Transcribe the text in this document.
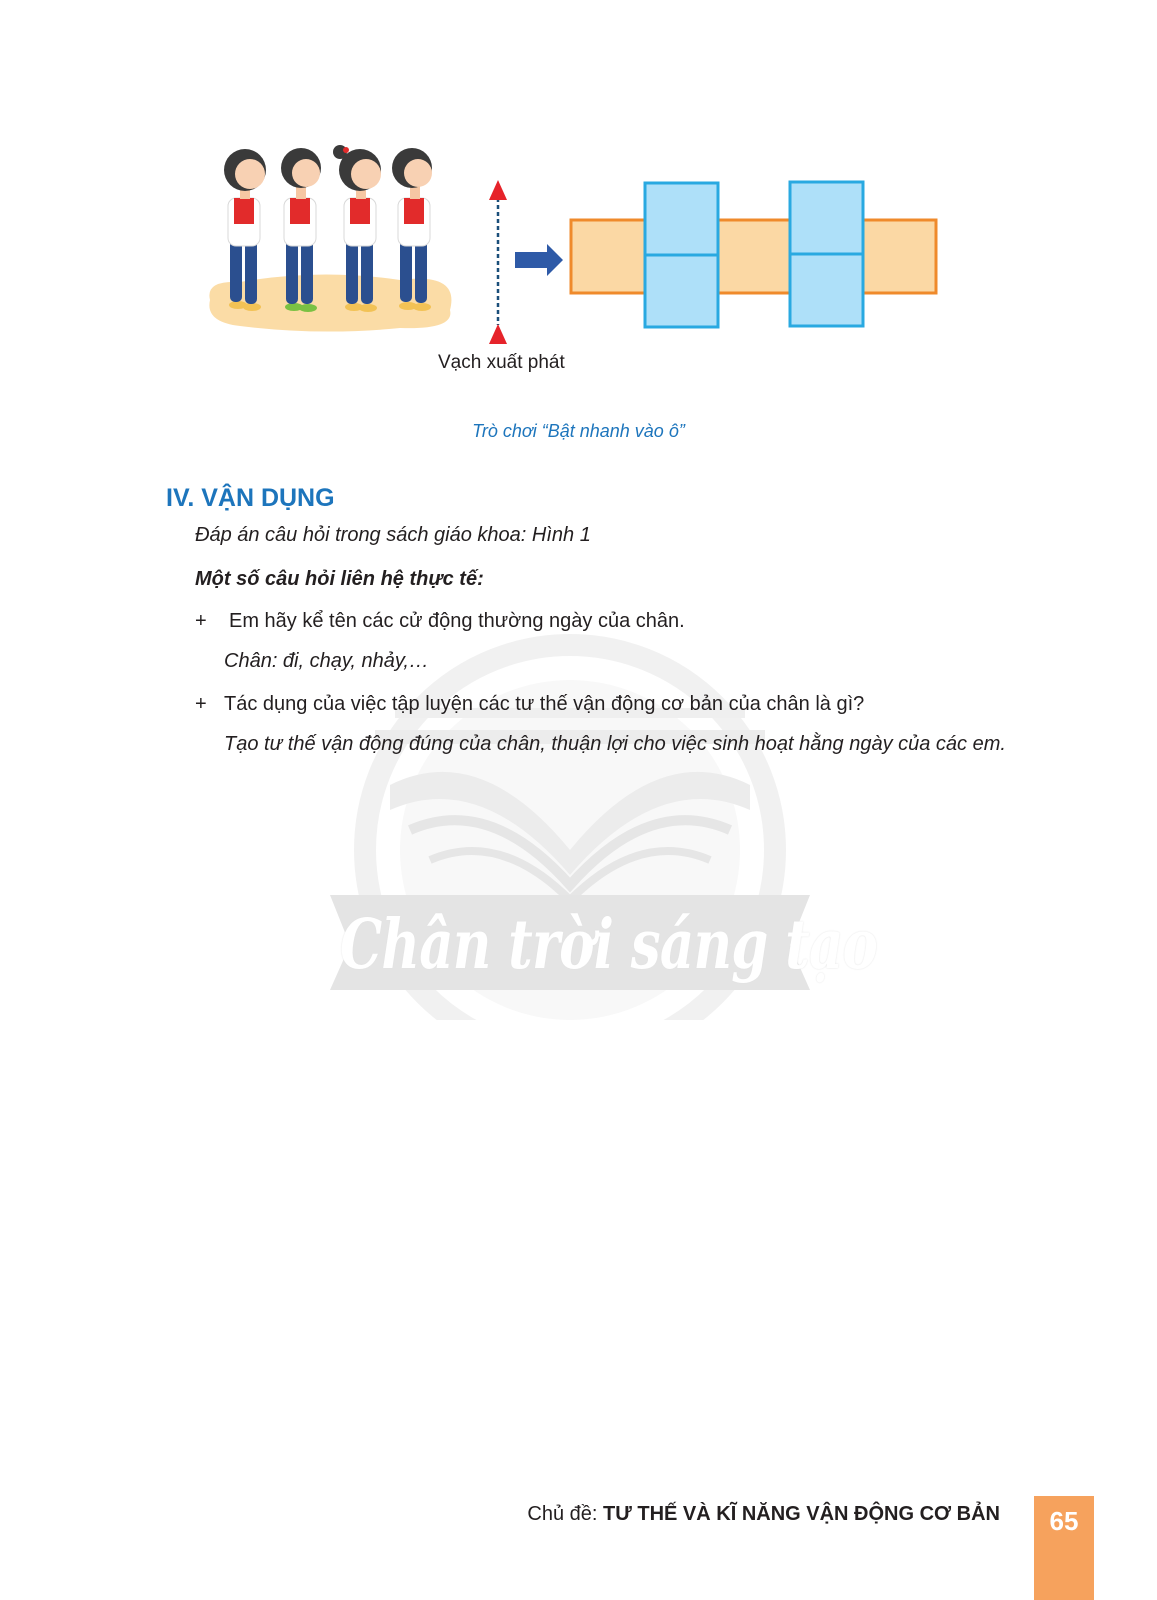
Chân trời sáng tạo
Vạch xuất phát
Trò chơi “Bật nhanh vào ô”
IV. VẬN DỤNG
Đáp án câu hỏi trong sách giáo khoa: Hình 1
Một số câu hỏi liên hệ thực tế:
+ Em hãy kể tên các cử động thường ngày của chân.
Chân: đi, chạy, nhảy,…
+ Tác dụng của việc tập luyện các tư thế vận động cơ bản của chân là gì?
Tạo tư thế vận động đúng của chân, thuận lợi cho việc sinh hoạt hằng ngày của các em.
Chủ đề: TƯ THẾ VÀ KĨ NĂNG VẬN ĐỘNG CƠ BẢN	65
